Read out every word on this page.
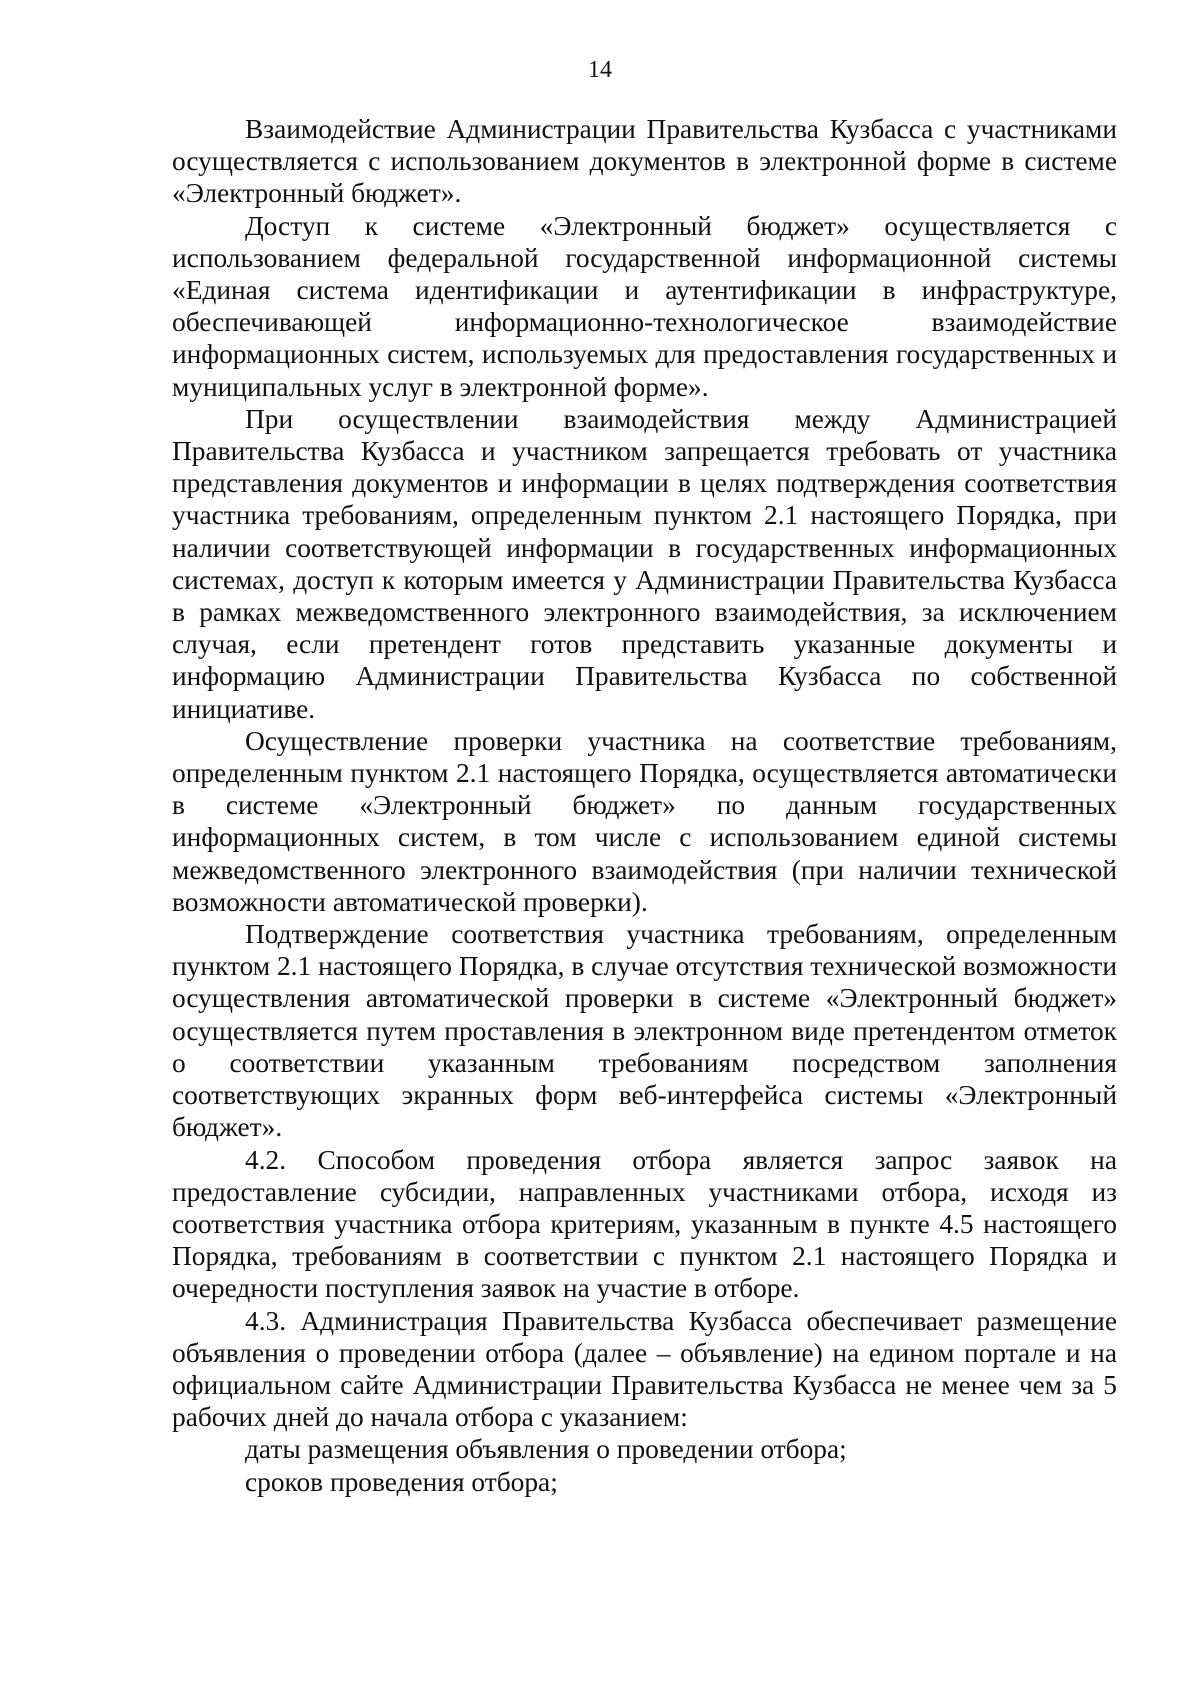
14

Взаимодействие Администрации Правительства Кузбасса с участниками осуществляется с использованием документов в электронной форме в системе «Электронный бюджет».

Доступ к системе «Электронный бюджет» осуществляется с использованием федеральной государственной информационной системы «Единая система идентификации и аутентификации в инфраструктуре, обеспечивающей информационно-технологическое взаимодействие информационных систем, используемых для предоставления государственных и муниципальных услуг в электронной форме».

При осуществлении взаимодействия между Администрацией Правительства Кузбасса и участником запрещается требовать от участника представления документов и информации в целях подтверждения соответствия участника требованиям, определенным пунктом 2.1 настоящего Порядка, при наличии соответствующей информации в государственных информационных системах, доступ к которым имеется у Администрации Правительства Кузбасса в рамках межведомственного электронного взаимодействия, за исключением случая, если претендент готов представить указанные документы и информацию Администрации Правительства Кузбасса по собственной инициативе.

Осуществление проверки участника на соответствие требованиям, определенным пунктом 2.1 настоящего Порядка, осуществляется автоматически в системе «Электронный бюджет» по данным государственных информационных систем, в том числе с использованием единой системы межведомственного электронного взаимодействия (при наличии технической возможности автоматической проверки).

Подтверждение соответствия участника требованиям, определенным пунктом 2.1 настоящего Порядка, в случае отсутствия технической возможности осуществления автоматической проверки в системе «Электронный бюджет» осуществляется путем проставления в электронном виде претендентом отметок о соответствии указанным требованиям посредством заполнения соответствующих экранных форм веб-интерфейса системы «Электронный бюджет».

4.2. Способом проведения отбора является запрос заявок на предоставление субсидии, направленных участниками отбора, исходя из соответствия участника отбора критериям, указанным в пункте 4.5 настоящего Порядка, требованиям в соответствии с пунктом 2.1 настоящего Порядка и очередности поступления заявок на участие в отборе.

4.3. Администрация Правительства Кузбасса обеспечивает размещение объявления о проведении отбора (далее – объявление) на едином портале и на официальном сайте Администрации Правительства Кузбасса не менее чем за 5 рабочих дней до начала отбора с указанием:

даты размещения объявления о проведении отбора;

сроков проведения отбора;
